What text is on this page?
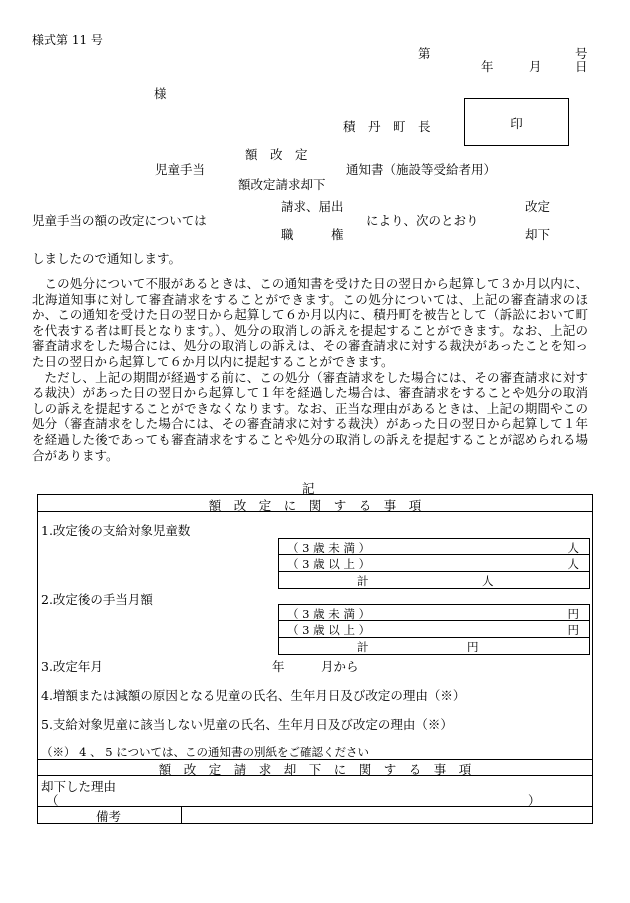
様式第 11 号
第	号
年	月	日
様
積　丹　町　長	印
額　改　定
児童手当	通知書（施設等受給者用）
額改定請求却下
請求、届出	改定
児童手当の額の改定については	により、次のとおり
職　　　権	却下
しましたので通知します。

この処分について不服があるときは、この通知書を受けた日の翌日から起算して３か月以内に、北海道知事に対して審査請求をすることができます。この処分については、上記の審査請求のほか、この通知を受けた日の翌日から起算して６か月以内に、積丹町を被告として（訴訟において町を代表する者は町長となります。）、処分の取消しの訴えを提起することができます。なお、上記の審査請求をした場合には、処分の取消しの訴えは、その審査請求に対する裁決があったことを知った日の翌日から起算して６か月以内に提起することができます。

ただし、上記の期間が経過する前に、この処分（審査請求をした場合には、その審査請求に対する裁決）があった日の翌日から起算して１年を経過した場合は、審査請求をすることや処分の取消しの訴えを提起することができなくなります。なお、正当な理由があるときは、上記の期間やこの処分（審査請求をした場合には、その審査請求に対する裁決）があった日の翌日から起算して１年を経過した後であっても審査請求をすることや処分の取消しの訴えを提起することが認められる場合があります。

記
額　改　定　に　関　す　る　事　項
1.改定後の支給対象児童数
（ 3 歳 未 満 ）	人
（ 3 歳 以 上 ）	人
計	人
2.改定後の手当月額
（ 3 歳 未 満 ）	円
（ 3 歳 以 上 ）	円
計	円
3.改定年月	年	月から
4.増額または減額の原因となる児童の氏名、生年月日及び改定の理由（※）
5.支給対象児童に該当しない児童の氏名、生年月日及び改定の理由（※）
（※） 4 、 5 については、この通知書の別紙をご確認ください
額　改　定　請　求　却　下　に　関　す　る　事　項
却下した理由
（	）
備考
